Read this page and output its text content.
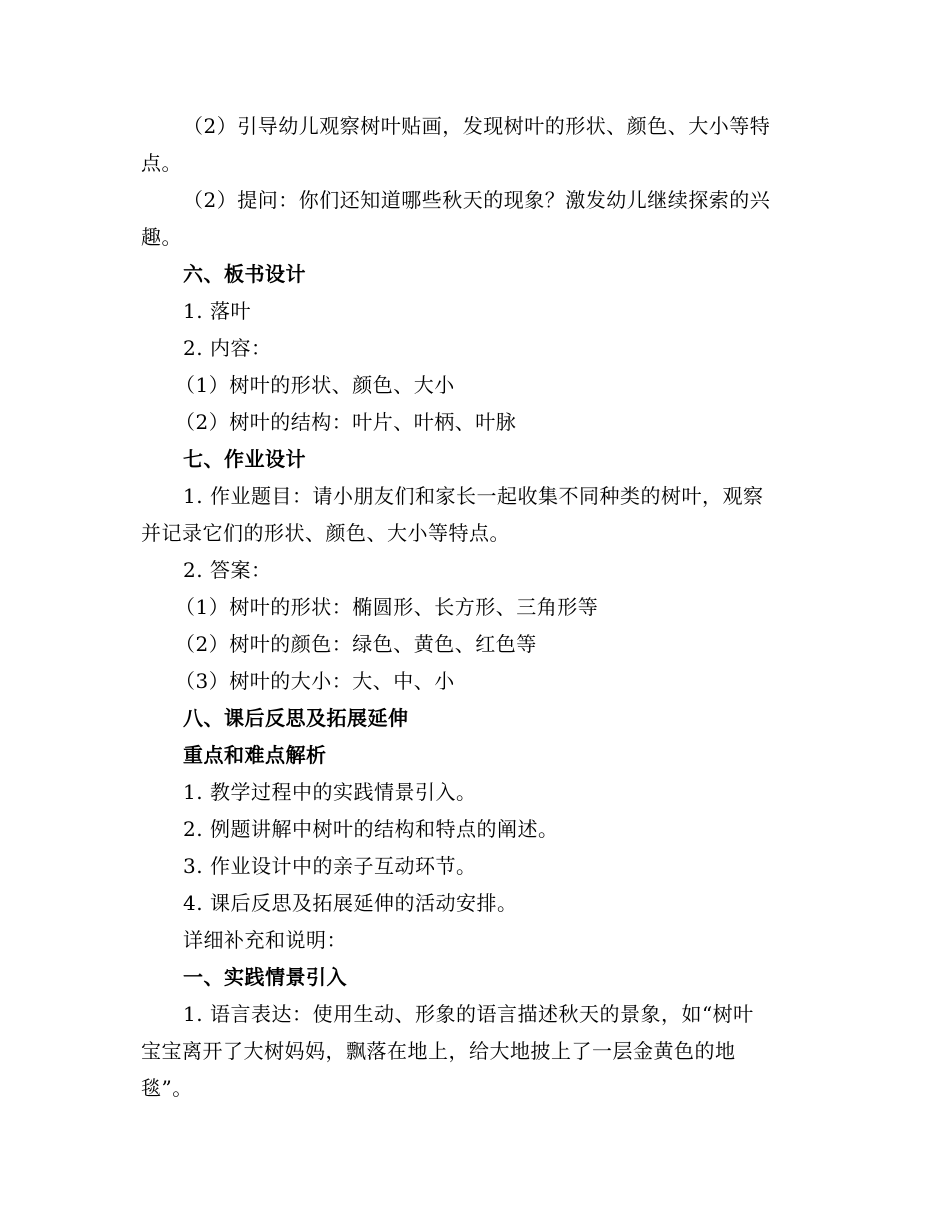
（2）引导幼儿观察树叶贴画，发现树叶的形状、颜色、大小等特
点。
（2）提问：你们还知道哪些秋天的现象？激发幼儿继续探索的兴
趣。
六、板书设计
1. 落叶
2. 内容：
（1）树叶的形状、颜色、大小
（2）树叶的结构：叶片、叶柄、叶脉
七、作业设计
1. 作业题目：请小朋友们和家长一起收集不同种类的树叶，观察
并记录它们的形状、颜色、大小等特点。
2. 答案：
（1）树叶的形状：椭圆形、长方形、三角形等
（2）树叶的颜色：绿色、黄色、红色等
（3）树叶的大小：大、中、小
八、课后反思及拓展延伸
重点和难点解析
1. 教学过程中的实践情景引入。
2. 例题讲解中树叶的结构和特点的阐述。
3. 作业设计中的亲子互动环节。
4. 课后反思及拓展延伸的活动安排。
详细补充和说明：
一、实践情景引入
1. 语言表达：使用生动、形象的语言描述秋天的景象，如“树叶
宝宝离开了大树妈妈，飘落在地上，给大地披上了一层金黄色的地
毯”。
